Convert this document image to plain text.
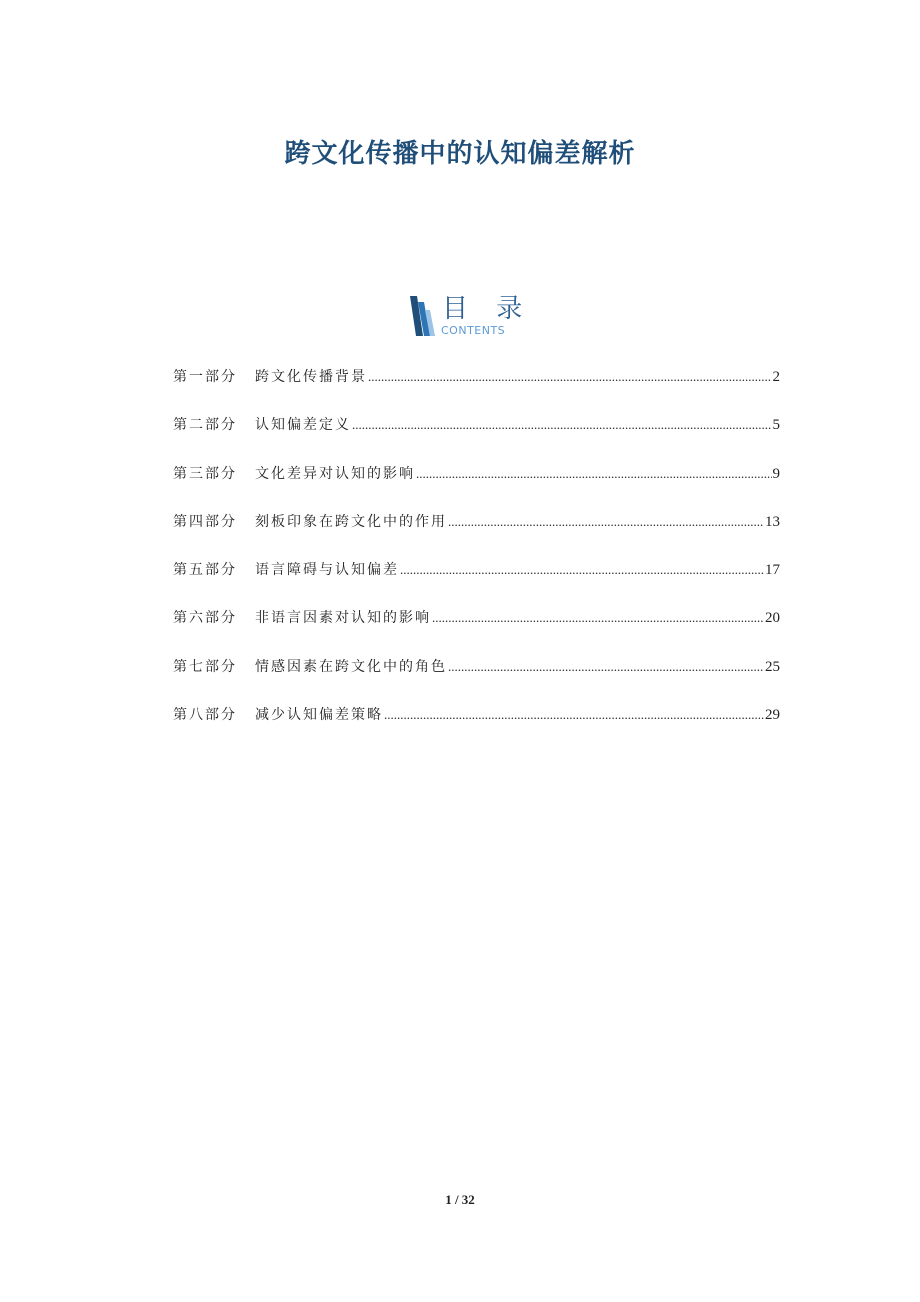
跨文化传播中的认知偏差解析
目 录
CONTENTS
第一部分	跨文化传播背景 .....	2
第二部分	认知偏差定义 .....	5
第三部分	文化差异对认知的影响 .....	9
第四部分	刻板印象在跨文化中的作用 .....	13
第五部分	语言障碍与认知偏差 .....	17
第六部分	非语言因素对认知的影响 .....	20
第七部分	情感因素在跨文化中的角色 .....	25
第八部分	减少认知偏差策略 .....	29
1 / 32
